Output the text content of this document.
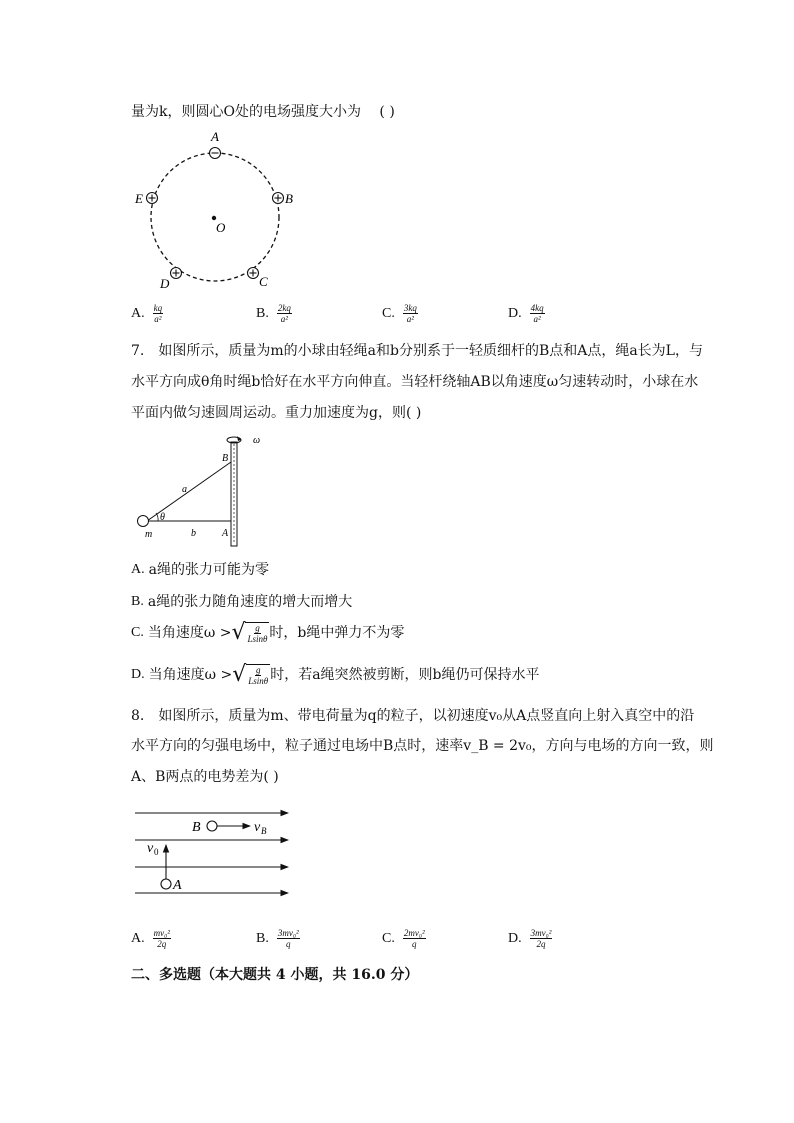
量为k，则圆心O处的电场强度大小为 ( )
A
B
E
C
D
O
A. $\frac{kq}{\text{a²}}$	B. $\frac{2kq}{\text{a²}}$	C. $\frac{3kq}{\text{a²}}$	D. $\frac{4kq}{\text{a²}}$
7.　如图所示，质量为m的小球由轻绳a和b分别系于一轻质细杆的B点和A点，绳a长为L，与
水平方向成θ角时绳b恰好在水平方向伸直。当轻杆绕轴AB以角速度ω匀速转动时，小球在水
平面内做匀速圆周运动。重力加速度为g，则( )
ω
B
A
a
b
θ
m
A. a绳的张力可能为零
B. a绳的张力随角速度的增大而增大
C. 当角速度ω > √ $\frac{g}{Lsin\theta}$ 时，b绳中弹力不为零
D. 当角速度ω > √ $\frac{g}{Lsin\theta}$ 时，若a绳突然被剪断，则b绳仍可保持水平
8.　如图所示，质量为m、带电荷量为q的粒子，以初速度v₀从A点竖直向上射入真空中的沿
水平方向的匀强电场中，粒子通过电场中B点时，速率v_B = 2v₀，方向与电场的方向一致，则
A、B两点的电势差为( )
B	v B
A
v 0
A. $\frac{\text{mv₀²}}{2q}$	B. $\frac{\text{3mv₀²}}{q}$	C. $\frac{\text{2mv₀²}}{q}$	D. $\frac{\text{3mv₀²}}{2q}$
二、多选题（本大题共 4 小题，共 16.0 分）
